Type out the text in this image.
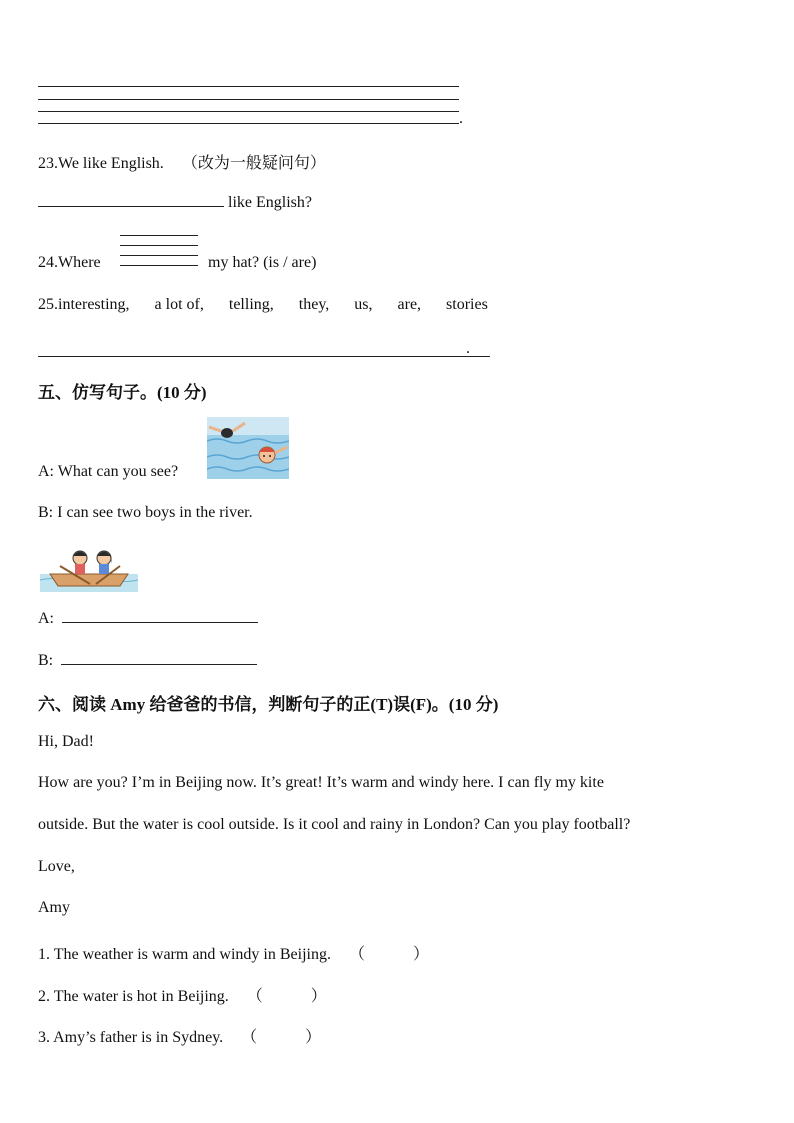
.
23.We like English. （改为一般疑问句）
like English?
24.Where	my hat? (is / are)
25.interesting, a lot of, telling, they, us, are, stories
.
五、仿写句子。(10 分)
A: What can you see?
B: I can see two boys in the river.
A:
B:
六、阅读 Amy 给爸爸的书信，判断句子的正(T)误(F)。(10 分)
Hi, Dad!
How are you? I’m in Beijing now. It’s great! It’s warm and windy here. I can fly my kite
outside. But the water is cool outside. Is it cool and rainy in London? Can you play football?
Love,
Amy
1. The weather is warm and windy in Beijing. （　　　）
2. The water is hot in Beijing. （　　　）
3. Amy’s father is in Sydney. （　　　）
